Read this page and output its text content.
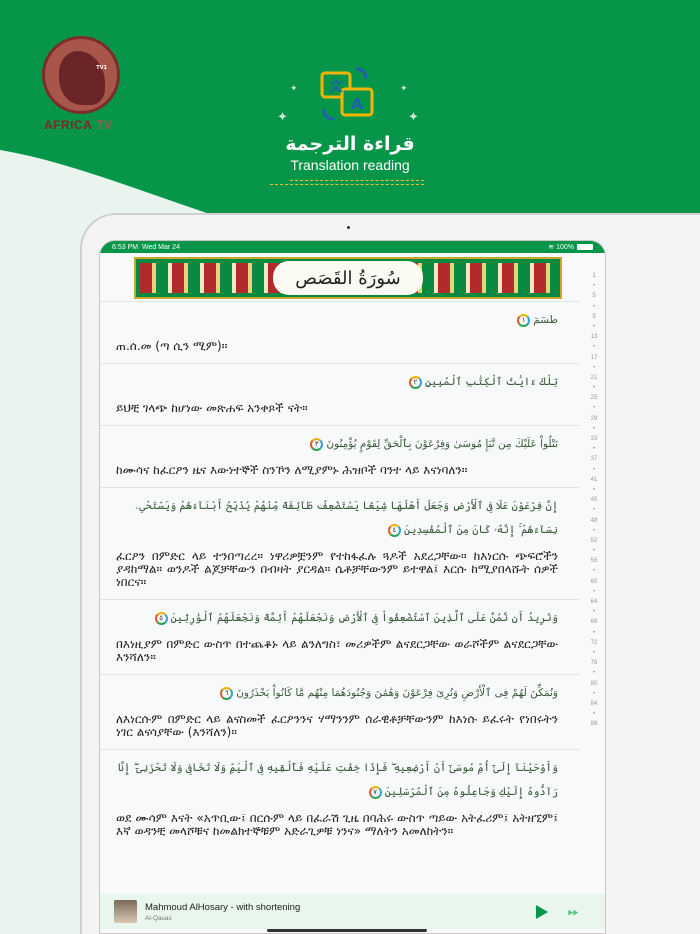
TV1
AFRICA TV	✦	✦
✦	✦
文
A
قراءة الترجمة
Translation reading
6:53 PM Wed Mar 24	≋ 100%
سُورَةُ القَصَص
طسٓمٓ١
ጠ.ሰ.መ (ጣ ሲን ሚም)።
تِلْكَ ءَايَٰتُ ٱلْكِتَٰبِ ٱلْمُبِينِ٢
ይህቺ ገላጭ ከሆነው መጽሐፍ አንቀጾች ናት።
نَتْلُواْ عَلَيْكَ مِن نَّبَإِ مُوسَىٰ وَفِرْعَوْنَ بِٱلْحَقِّ لِقَوْمٍ يُؤْمِنُونَ٣
ከሙሳና ከፈርዖን ዜና እውነተኞች ስንኾን ለሚያምኑ ሕዝቦች ባንተ ላይ እናነባለን።
إِنَّ فِرْعَوْنَ عَلَا فِى ٱلْأَرْضِ وَجَعَلَ أَهْلَهَا شِيَعًا يَسْتَضْعِفُ طَآئِفَةً مِّنْهُمْ يُذَبِّحُ أَبْنَآءَهُمْ وَيَسْتَحْىِۦ نِسَآءَهُمْ ۚ إِنَّهُۥ كَانَ مِنَ ٱلْمُفْسِدِينَ٤
ፈርዖን በምድር ላይ ተንበጣረረ። ነዋሪዎቿንም የተከፋፈሉ ጓዶች አደረጋቸው። ከእነርሱ ጭፍሮችን ያዳከማል። ወንዶች ልጆቻቸውን በብዛት ያርዳል። ሴቶቻቸውንም ይተዋል፤ እርሱ ከሚያበላሹት ሰዎች ነበርና።
وَنُرِيدُ أَن نَّمُنَّ عَلَى ٱلَّذِينَ ٱسْتُضْعِفُواْ فِى ٱلْأَرْضِ وَنَجْعَلَهُمْ أَئِمَّةً وَنَجْعَلَهُمُ ٱلْوَٰرِثِينَ٥
በእነዚያም በምድር ውስጥ በተጨቆኑ ላይ ልንለግስ፣ መሪዎችም ልናደርጋቸው ወራሾችም ልናደርጋቸው እንሻለን።
وَنُمَكِّنَ لَهُمْ فِى ٱلْأَرْضِ وَنُرِىَ فِرْعَوْنَ وَهَٰمَٰنَ وَجُنُودَهُمَا مِنْهُم مَّا كَانُواْ يَحْذَرُونَ٦
ለእነርሱም በምድር ላይ ልናስመች ፈርዖንንና ሃማንንም ሰራዊቶቻቸውንም ከእነሱ ይፈሩት የነበሩትን ነገር ልናሳያቸው (እንሻለን)።
وَأَوْحَيْنَآ إِلَىٰٓ أُمِّ مُوسَىٰٓ أَنْ أَرْضِعِيهِ ۖ فَإِذَا خِفْتِ عَلَيْهِ فَأَلْقِيهِ فِى ٱلْيَمِّ وَلَا تَخَافِى وَلَا تَحْزَنِىٓ ۖ إِنَّا رَآدُّوهُ إِلَيْكِ وَجَاعِلُوهُ مِنَ ٱلْمُرْسَلِينَ٧
ወደ ሙሳም እናት «አጥቢው፤ በርሱም ላይ በፈራሽ ጊዜ በባሕሩ ውስጥ ጣይው አትፈሪም፤ አትዘኚም፤ እኛ ወዳንቺ መላሾቹና ከመልክተኞቹም አድራጊዎቹ ነንና» ማለትን አመለከትን።
1
•
5
•
9
•
13
•
17
•
21
•
25
•
29
•
33
•
37
•
41
•
45
•
48
•
52
•
56
•
60
•
64
•
68
•
72
•
76
•
80
•
84
•
88
Mahmoud AlHosary - with shortening
Al-Qasas	⏩︎
